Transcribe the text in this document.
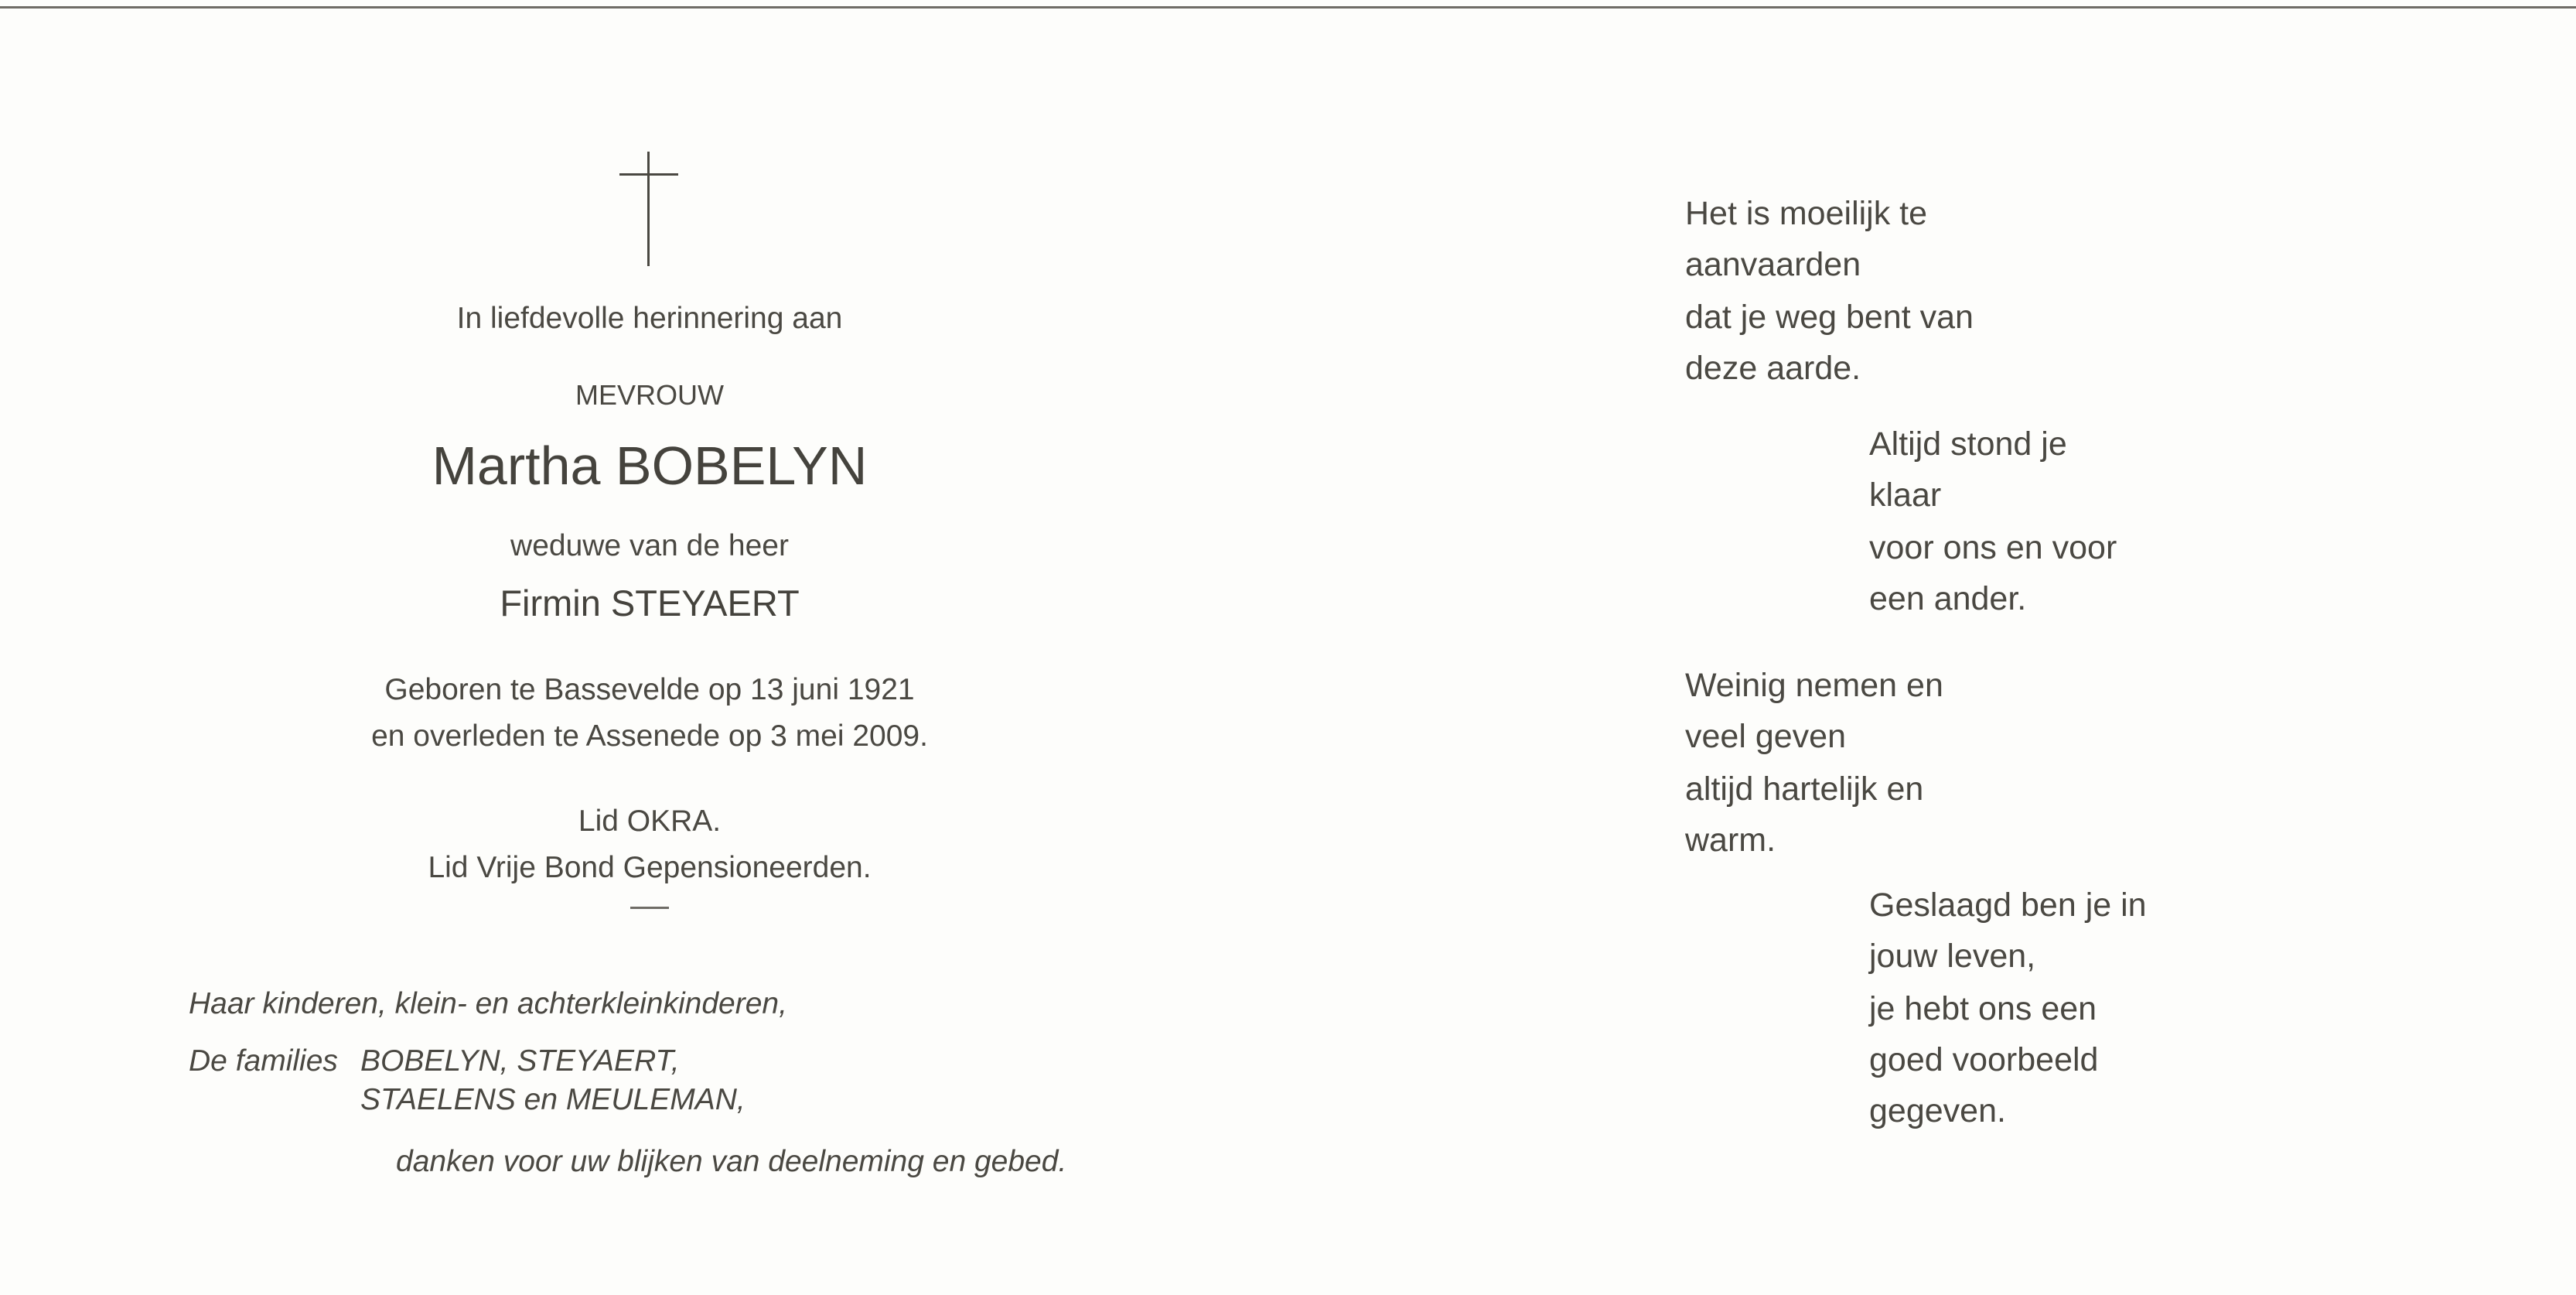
In liefdevolle herinnering aan
MEVROUW
Martha BOBELYN
weduwe van de heer
Firmin STEYAERT
Geboren te Bassevelde op 13 juni 1921
en overleden te Assenede op 3 mei 2009.
Lid OKRA.
Lid Vrije Bond Gepensioneerden.
Haar kinderen, klein- en achterkleinkinderen,
De families BOBELYN, STEYAERT,
STAELENS en MEULEMAN,
danken voor uw blijken van deelneming en gebed.
Het is moeilijk te
aanvaarden
dat je weg bent van
deze aarde.
Altijd stond je
klaar
voor ons en voor
een ander.
Weinig nemen en
veel geven
altijd hartelijk en
warm.
Geslaagd ben je in
jouw leven,
je hebt ons een
goed voorbeeld
gegeven.
